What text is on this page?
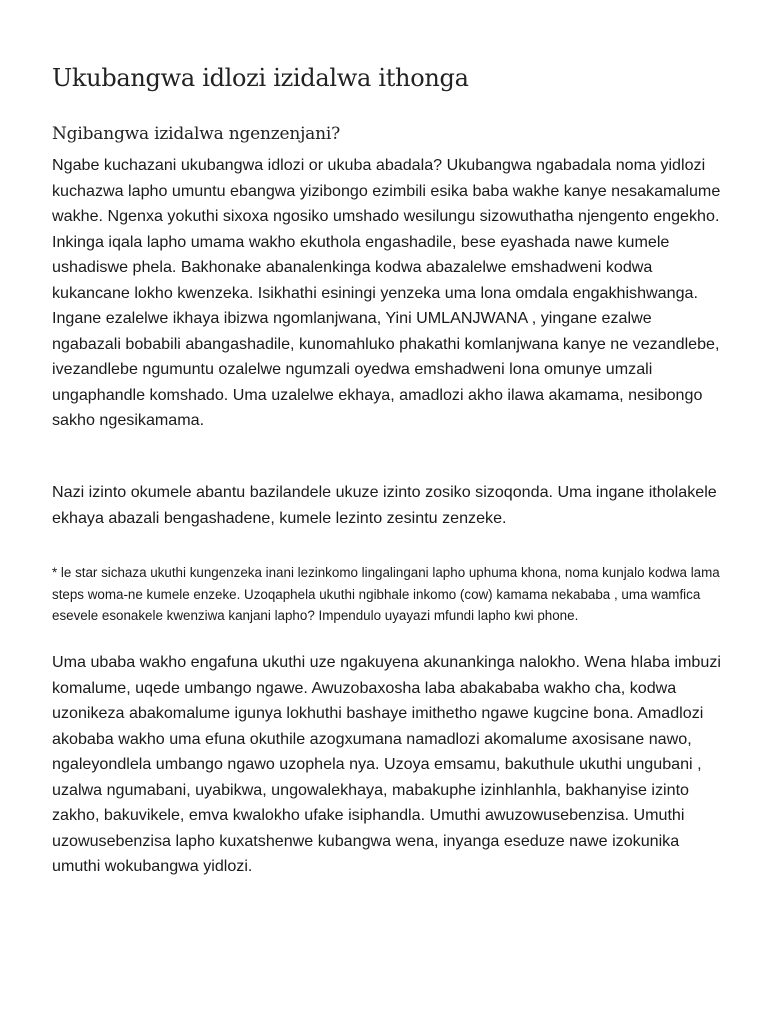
Ukubangwa idlozi izidalwa ithonga
Ngibangwa izidalwa ngenzenjani?

Ngabe kuchazani ukubangwa idlozi or ukuba abadala? Ukubangwa ngabadala noma yidlozi kuchazwa lapho umuntu ebangwa yizibongo ezimbili esika baba wakhe kanye nesakamalume wakhe. Ngenxa yokuthi sixoxa ngosiko umshado wesilungu sizowuthatha njengento engekho. Inkinga iqala lapho umama wakho ekuthola engashadile, bese eyashada nawe kumele ushadiswe phela. Bakhonake abanalenkinga kodwa abazalelwe emshadweni kodwa kukancane lokho kwenzeka. Isikhathi esiningi yenzeka uma lona omdala engakhishwanga. Ingane ezalelwe ikhaya ibizwa ngomlanjwana, Yini UMLANJWANA , yingane ezalwe ngabazali bobabili abangashadile, kunomahluko phakathi komlanjwana kanye ne vezandlebe, ivezandlebe ngumuntu ozalelwe ngumzali oyedwa emshadweni lona omunye umzali ungaphandle komshado. Uma uzalelwe ekhaya, amadlozi akho ilawa akamama, nesibongo sakho ngesikamama.

Nazi izinto okumele abantu bazilandele ukuze izinto zosiko sizoqonda. Uma ingane itholakele ekhaya abazali bengashadene, kumele lezinto zesintu zenzeke.

* le star sichaza ukuthi kungenzeka inani lezinkomo lingalingani lapho uphuma khona, noma kunjalo kodwa lama steps woma-ne kumele enzeke. Uzoqaphela ukuthi ngibhale inkomo (cow) kamama nekababa , uma wamfica esevele esonakele kwenziwa kanjani lapho? Impendulo uyayazi mfundi lapho kwi phone.

Uma ubaba wakho engafuna ukuthi uze ngakuyena akunankinga nalokho. Wena hlaba imbuzi komalume, uqede umbango ngawe. Awuzobaxosha laba abakababa wakho cha, kodwa uzonikeza abakomalume igunya lokhuthi bashaye imithetho ngawe kugcine bona. Amadlozi akobaba wakho uma efuna okuthile azogxumana namadlozi akomalume axosisane nawo, ngaleyondlela umbango ngawo uzophela nya. Uzoya emsamu, bakuthule ukuthi ungubani , uzalwa ngumabani, uyabikwa, ungowalekhaya, mabakuphe izinhlanhla, bakhanyise izinto zakho, bakuvikele, emva kwalokho ufake isiphandla. Umuthi awuzowusebenzisa. Umuthi uzowusebenzisa lapho kuxatshenwe kubangwa wena, inyanga eseduze nawe izokunika umuthi wokubangwa yidlozi.
